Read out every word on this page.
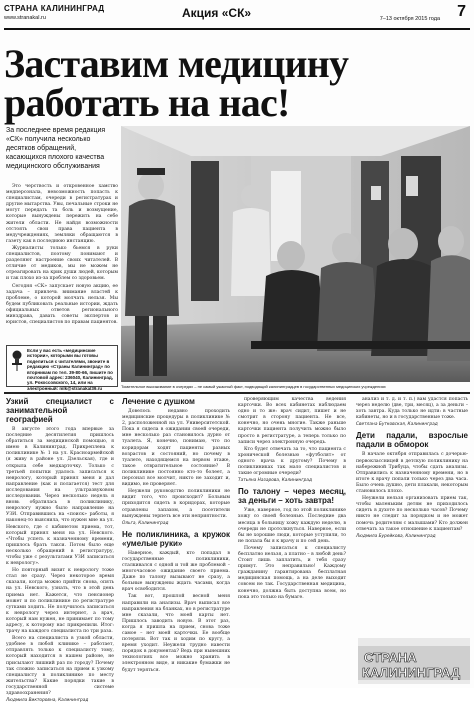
СТРАНА КАЛИНИНГРАД
www.stranakal.ru	Акция «СК»	7–13 октября 2015 года 7
Заставим медицину
работать на нас!
За последнее время редакция «СК» получила несколько десятков обращений, касающихся плохого качества медицинского обслуживания

Это черствость и откровенное хамство медперсонала, невозможность попасть к специалистам, очереди в регистратурах и другие мытарства. Увы, печальные строки не могут передать та боль и возмущение, которые вынуждены пережить на себе жители области. Не найдя возможности отстоять свои права пациента в медучреждениях, земляки обращаются в газету как в последнюю инстанцию.

Журналисты только бьемся в руки специалистов, поэтому понимают и разделяют настроение своих читателей. В отличие от медиков, мы не можем не отреагировать на крик души людей, которым и так плохо из-за проблем со здоровьем.

Сегодня «СК» запускает новую акцию, ее задача – привлечь внимание властей к проблеме, о которой молчать нельзя. Мы будем публиковать реальные истории, ждать официальных ответов регионального минздрава, давать советы экспертов и юристов, специалистов по правам пациентов.

Если у вас есть «медицинские истории», которыми вы готовы поделиться с читателями, звоните в редакцию «Страны Калининград» по вторникам по тел. 39-80-66, пишите по почтовой адрес: 236040, Калининград, ул. Рокоссовского, 14, или на электронный: mlk@stranakal39.ru	Томительное высиживание в очередях – не самый ужасный факт, подводящий калининградцев в государственных медицинских учреждениях
Узкий специалист с занимательной географией

В августе этого года впервые за последние десятилетия пришлось обратиться за медицинской помощью, я имею в Калининград. Прикреплена к поликлинике № 1 на ул. Красноармейской (я живу в районе ул. Дзельская), где и открыла себе медкарточку. Только с третьей попытки удалось записаться к неврологу, который принял меня и дал направление (как и полагается) тест для исследования на ультразвуковом исследовании. Через несколько недель я вновь обратилась в поликлинику, неврологу нужно было направление на УЗИ. Отправившись на «поиск» работы, я наконец-то выяснила, что нужен мне на ул. Невского, где с кабинетом приема, тот, который принял меня на ул. Невского. «Чтобы успеть к назначенному времени, пришлось брать такси. Потом было еще несколько обращений в регистратуру, чтобы уже с результатами УЗИ записаться к неврологу».

Но повторный визит к неврологу тоже стал не сразу. Через некоторое время сказали, когда можно прийти снова, опять на ул. Невского, узнать, что в этой день приема нет. Кажется, что пенсионер может и по поликлинике по регистратуре сутками ходить. Не получилось записаться к неврологу через интернет, а врач, который нам нужен, не принимает по тому адресу, к которому нас прикрепили. Итог: трачу на каждого специалиста по три раза.

Всего на специалиста в узкой области, удобнее в любой клинике – работает, отправлять только к специалисту тому, который находится в нашем районе, не присылают лишний раз по городу? Почему так сложно записаться на прием к узкому специалисту в поликлинике по месту жительства? Какие порядки такие в государственной системе здравоохранения?

Людмила Викторовна, Калининград
Лечение с душком

Довелось недавно проходить медицинские процедуры в поликлинике № 2, расположенной на ул. Университетской. Пока я сидела в ожидании своей очереди, мне несколько раз становилось дурно от туалета. Я, конечно, понимаю, что по коридорам ходят пациенты разных возрастов и состояний, но почему в туалете, находящемся на первом этаже, такое отвратительное состояние? В поликлинике постоянно кто-то болеет, а персонал все молчит, никто не заходит и, видимо, не проверяет.

Неужели руководство поликлиники не видит того, что происходит? Больным приходится сидеть в коридорах, которые отравлены запахом, а посетители вынуждены терпеть все эти неприятности.

Ольга, Калининград
Не поликлиника, а кружок «умелые руки»

Наверное, каждый, кто попадал в государственные поликлиники, сталкивался с одной и той же проблемой – многочасовое ожидание своего приема. Даже по талону вызывают не сразу, а больные вынуждены ждать часами, когда врач освободится.

Так вот, прошлой весной меня направили на анализы. Врач выписал все направления на бланках, но в регистратуре мне сказали, что моей карты нет. Пришлось заводить новую. В этот раз, когда я пришла на прием, снова тоже самое – нет моей карточки. Ее вообще потеряли. Вот так и ходим по кругу, а время уходит. Неужели трудно навести порядок в документах? Ведь при нынешних технологиях все можно хранить в электронном виде, и никакие бумажки не будут теряться.

проверяющим качества ведения карточки. Во всех кабинетах наблюдаем одно и то же: врач сидит, пишет и не смотрит в сторону пациента. Не все, конечно, но очень многие. Также раньше карточки пациента получить можно было просто в регистратуре, а теперь только по записи через электронную очередь.

Кто будет отвечать за то, что пациента с хронической болезнью «футболят» от одного врача к другому? Почему в поликлиниках так мало специалистов и такие огромные очереди?

Татьяна Назарова, Калининград
По талону – через месяц, за деньги – хоть завтра!

Уже, наверное, год по этой поликлинике хожу со своей болезнью. Последние два месяца в больницу хожу каждую неделю, в очереди не протолкнуться. Наверное, если бы не хорошие люди, которые уступили, то не попала бы я к врачу и по сей день.

Почему записаться к специалисту бесплатно нельзя, а платно – в любой день? Стоит лишь заплатить, и тебя сразу примут. Это неправильно! Каждому гражданину гарантирована бесплатная медицинская помощь, а на деле выходит совсем не так. Государственная медицина, конечно, должна быть доступна всем, но пока это только на бумаге.

анализ и т. д. и т. п.) вам удастся попасть через неделю (две, три, месяц), а за деньги – хоть завтра. Куда только не идти: в частные кабинеты, но и в государственные тоже.

Светлана Бутковская, Калининград
Дети падали, взрослые падали в обморок

В начале октября отправилась с дочерью-первоклассницей в детскую поликлинику на набережной Трибуца, чтобы сдать анализы. Отправились к назначенному времени, но в итоге к врачу попали только через два часа. Было очень душно, дети плакали, некоторым становилось плохо.

Неужели нельзя организовать прием так, чтобы маленьким детям не приходилось сидеть в духоте по несколько часов? Почему никто не следит за порядком и не может помочь родителям с малышами? Кто должен отвечать за такое отношение к пациентам?

Людмила Бурейкова, Калининград
СТРАНА
КАЛИНИНГРАД
